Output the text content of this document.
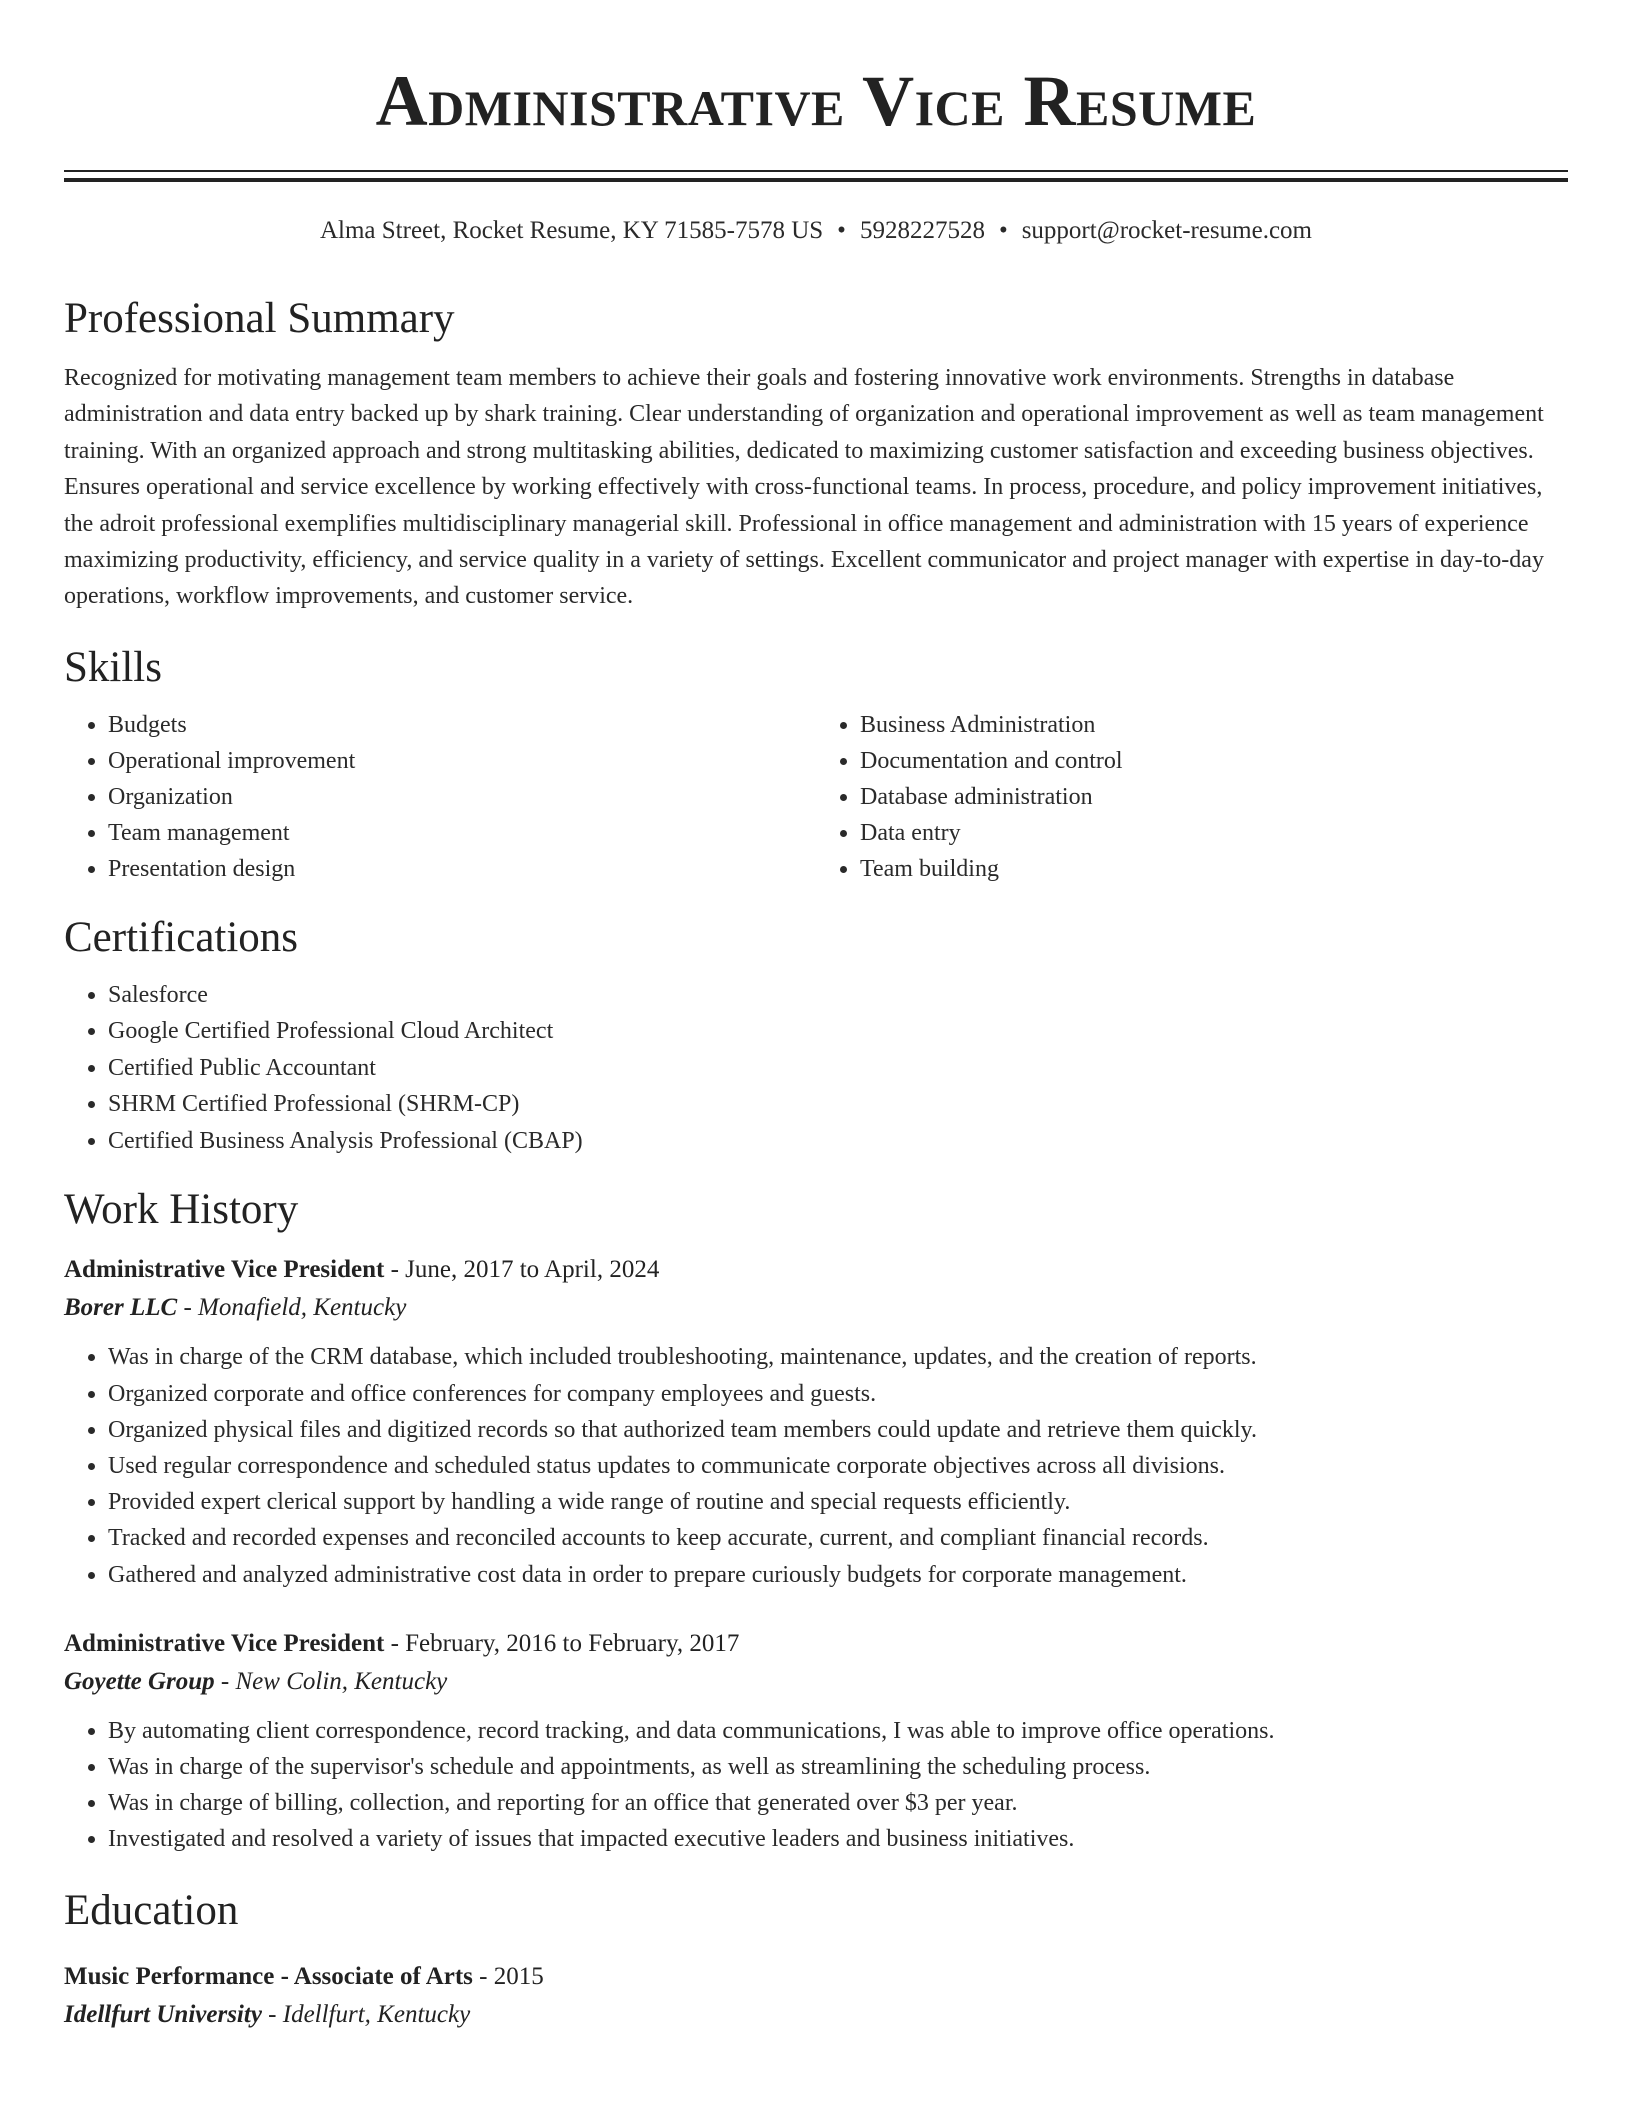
Administrative Vice Resume
Alma Street, Rocket Resume, KY 71585-7578 US • 5928227528 • support@rocket-resume.com
Professional Summary

Recognized for motivating management team members to achieve their goals and fostering innovative work environments. Strengths in database administration and data entry backed up by shark training. Clear understanding of organization and operational improvement as well as team management training. With an organized approach and strong multitasking abilities, dedicated to maximizing customer satisfaction and exceeding business objectives. Ensures operational and service excellence by working effectively with cross-functional teams. In process, procedure, and policy improvement initiatives, the adroit professional exemplifies multidisciplinary managerial skill. Professional in office management and administration with 15 years of experience maximizing productivity, efficiency, and service quality in a variety of settings. Excellent communicator and project manager with expertise in day-to-day operations, workflow improvements, and customer service.

Skills
• Budgets
• Operational improvement
• Organization
• Team management
• Presentation design
• Business Administration
• Documentation and control
• Database administration
• Data entry
• Team building
Certifications
• Salesforce
• Google Certified Professional Cloud Architect
• Certified Public Accountant
• SHRM Certified Professional (SHRM-CP)
• Certified Business Analysis Professional (CBAP)
Work History
Administrative Vice President - June, 2017 to April, 2024
Borer LLC - Monafield, Kentucky
• Was in charge of the CRM database, which included troubleshooting, maintenance, updates, and the creation of reports.
• Organized corporate and office conferences for company employees and guests.
• Organized physical files and digitized records so that authorized team members could update and retrieve them quickly.
• Used regular correspondence and scheduled status updates to communicate corporate objectives across all divisions.
• Provided expert clerical support by handling a wide range of routine and special requests efficiently.
• Tracked and recorded expenses and reconciled accounts to keep accurate, current, and compliant financial records.
• Gathered and analyzed administrative cost data in order to prepare curiously budgets for corporate management.
Administrative Vice President - February, 2016 to February, 2017
Goyette Group - New Colin, Kentucky
• By automating client correspondence, record tracking, and data communications, I was able to improve office operations.
• Was in charge of the supervisor's schedule and appointments, as well as streamlining the scheduling process.
• Was in charge of billing, collection, and reporting for an office that generated over $3 per year.
• Investigated and resolved a variety of issues that impacted executive leaders and business initiatives.
Education
Music Performance - Associate of Arts - 2015
Idellfurt University - Idellfurt, Kentucky
